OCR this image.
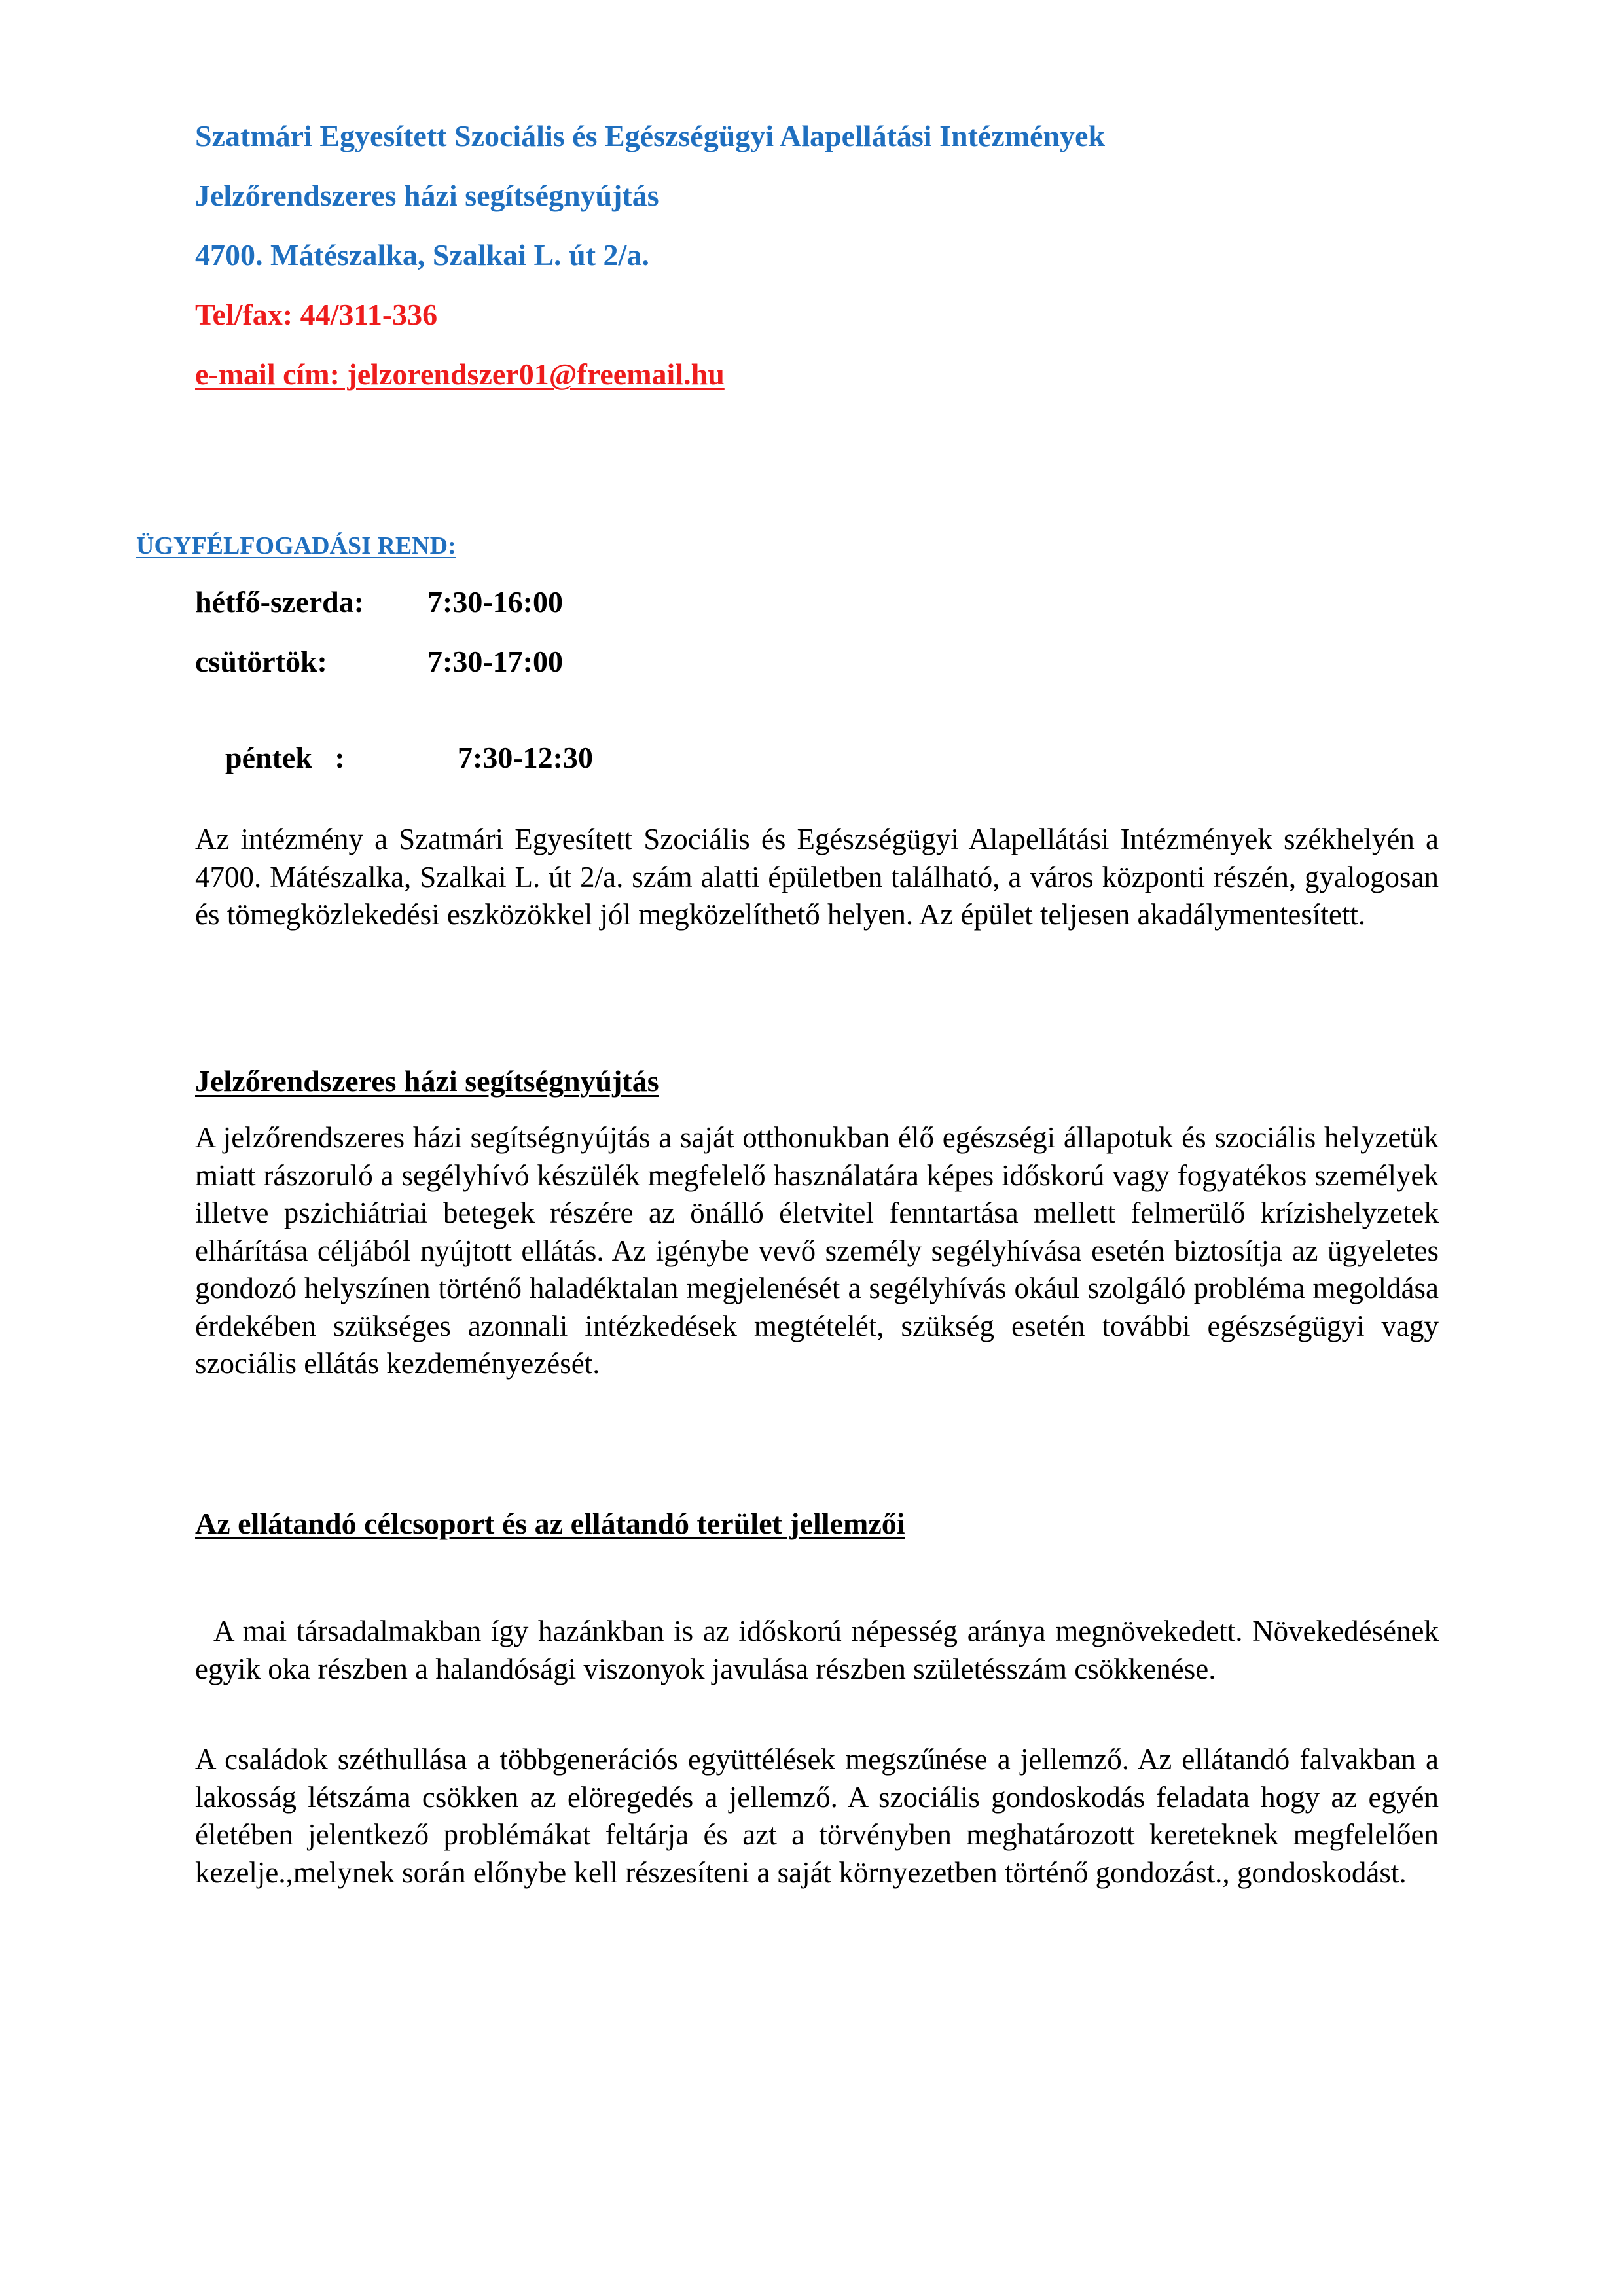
Szatmári Egyesített Szociális és Egészségügyi Alapellátási Intézmények
Jelzőrendszeres házi segítségnyújtás
4700. Mátészalka, Szalkai L. út 2/a.
Tel/fax: 44/311-336
e-mail cím: jelzorendszer01@freemail.hu
ÜGYFÉLFOGADÁSI REND:
hétfő-szerda: 7:30-16:00
csütörtök:	7:30-17:00

péntek   :	7:30-12:30

Az intézmény a Szatmári Egyesített Szociális és Egészségügyi Alapellátási Intézmények székhelyén a 4700. Mátészalka, Szalkai L. út 2/a. szám alatti épületben található, a város központi részén, gyalogosan és tömegközlekedési eszközökkel jól megközelíthető helyen. Az épület teljesen akadálymentesített.
Jelzőrendszeres házi segítségnyújtás
A jelzőrendszeres házi segítségnyújtás a saját otthonukban élő egészségi állapotuk és szociális helyzetük miatt rászoruló a segélyhívó készülék megfelelő használatára képes időskorú vagy fogyatékos személyek illetve pszichiátriai betegek részére az önálló életvitel fenntartása mellett felmerülő krízishelyzetek elhárítása céljából nyújtott ellátás. Az igénybe vevő személy segélyhívása esetén biztosítja az ügyeletes gondozó helyszínen történő haladéktalan megjelenését a segélyhívás okául szolgáló probléma megoldása érdekében szükséges azonnali intézkedések megtételét, szükség esetén további egészségügyi vagy szociális ellátás kezdeményezését.
Az ellátandó célcsoport és az ellátandó terület jellemzői
A mai társadalmakban így hazánkban is az időskorú népesség aránya megnövekedett. Növekedésének egyik oka részben a halandósági viszonyok javulása részben születésszám csökkenése.
A családok széthullása a többgenerációs együttélések megszűnése a jellemző. Az ellátandó falvakban a lakosság létszáma csökken az elöregedés a jellemző. A szociális gondoskodás feladata hogy az egyén életében jelentkező problémákat feltárja és azt a törvényben meghatározott kereteknek megfelelően kezelje.,melynek során előnybe kell részesíteni a saját környezetben történő gondozást., gondoskodást.
